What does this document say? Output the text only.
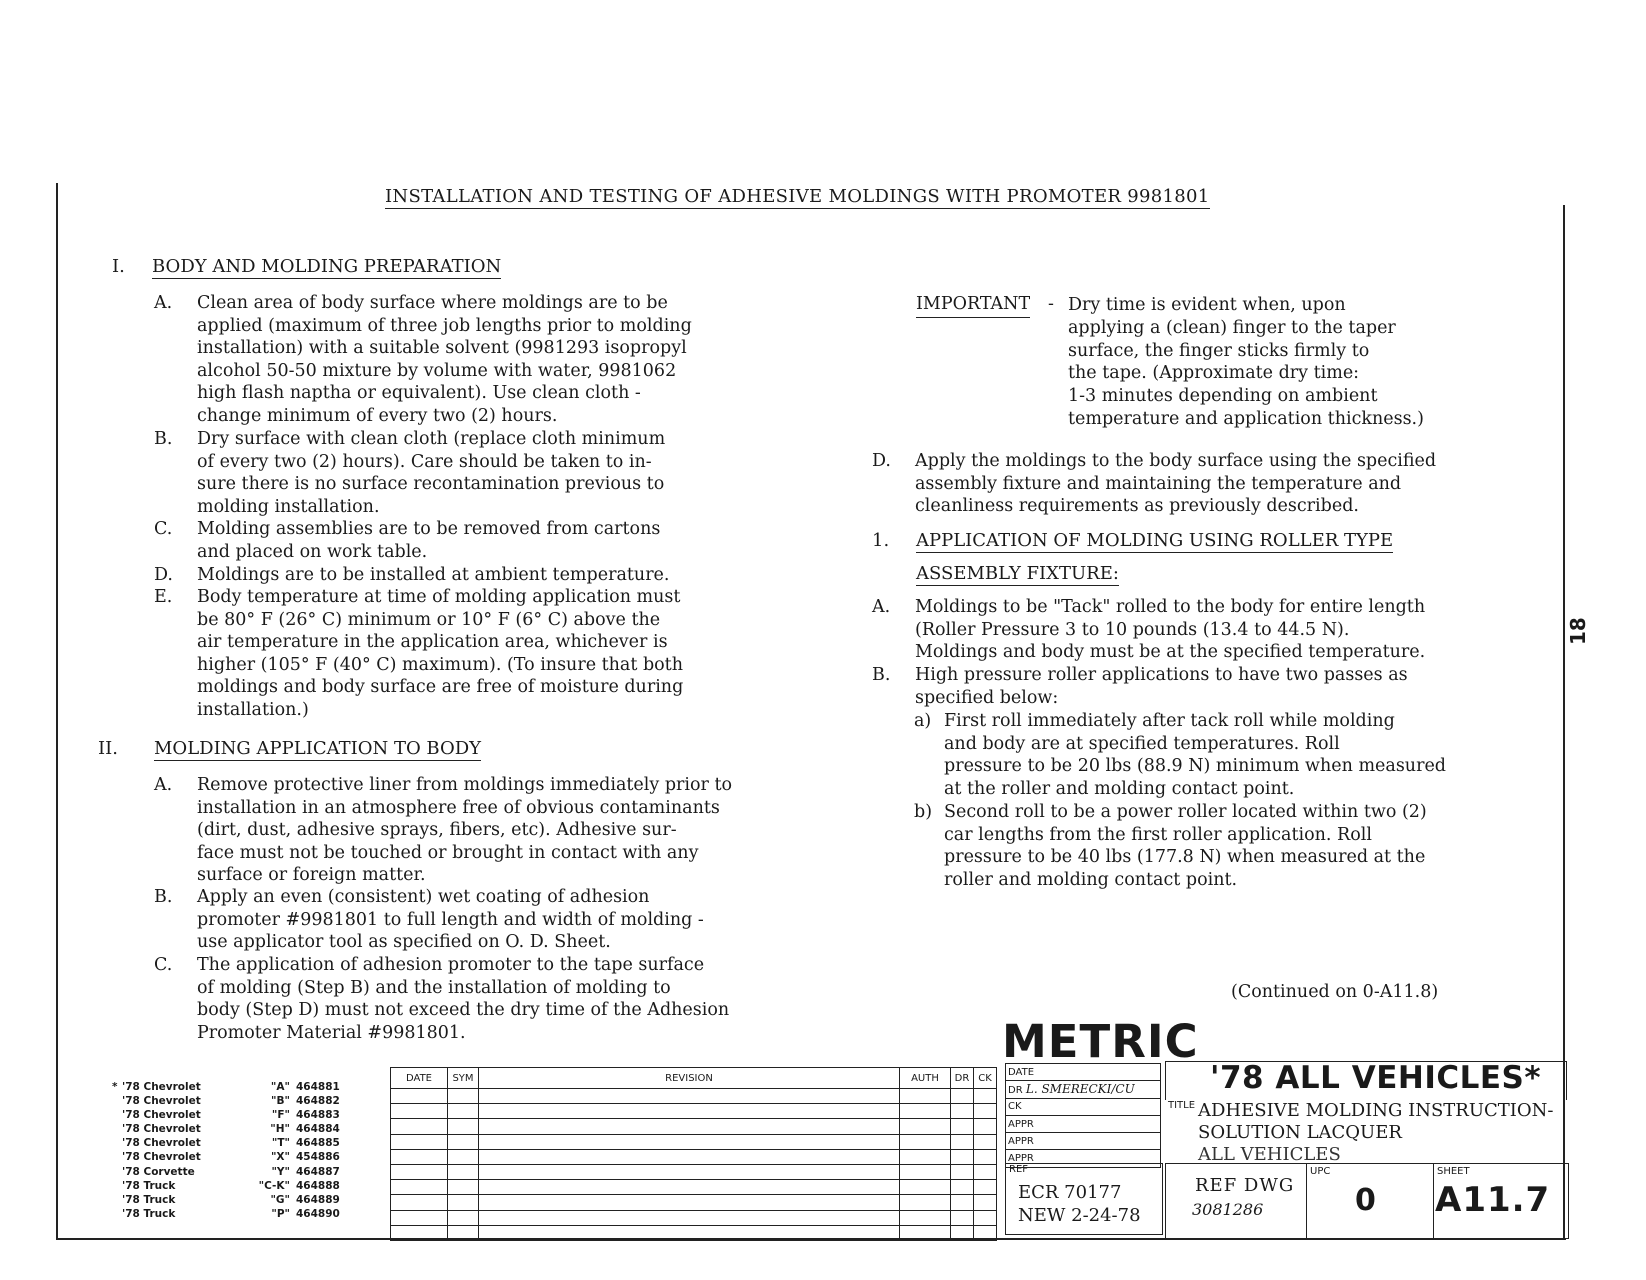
INSTALLATION AND TESTING OF ADHESIVE MOLDINGS WITH PROMOTER 9981801
I. BODY AND MOLDING PREPARATION
A. Clean area of body surface where moldings are to be
applied (maximum of three job lengths prior to molding
installation) with a suitable solvent (9981293 isopropyl
alcohol 50-50 mixture by volume with water, 9981062
high flash naptha or equivalent). Use clean cloth -
change minimum of every two (2) hours.
B. Dry surface with clean cloth (replace cloth minimum
of every two (2) hours). Care should be taken to in-
sure there is no surface recontamination previous to
molding installation.
C. Molding assemblies are to be removed from cartons
and placed on work table.
D. Moldings are to be installed at ambient temperature.
E. Body temperature at time of molding application must
be 80° F (26° C) minimum or 10° F (6° C) above the
air temperature in the application area, whichever is
higher (105° F (40° C) maximum). (To insure that both
moldings and body surface are free of moisture during
installation.)
II. MOLDING APPLICATION TO BODY
A. Remove protective liner from moldings immediately prior to
installation in an atmosphere free of obvious contaminants
(dirt, dust, adhesive sprays, fibers, etc). Adhesive sur-
face must not be touched or brought in contact with any
surface or foreign matter.
B. Apply an even (consistent) wet coating of adhesion
promoter #9981801 to full length and width of molding -
use applicator tool as specified on O. D. Sheet.
C. The application of adhesion promoter to the tape surface
of molding (Step B) and the installation of molding to
body (Step D) must not exceed the dry time of the Adhesion
Promoter Material #9981801.
IMPORTANT - Dry time is evident when, upon
applying a (clean) finger to the taper
surface, the finger sticks firmly to
the tape. (Approximate dry time:
1-3 minutes depending on ambient
temperature and application thickness.)
D. Apply the moldings to the body surface using the specified
assembly fixture and maintaining the temperature and
cleanliness requirements as previously described.
1. APPLICATION OF MOLDING USING ROLLER TYPE
ASSEMBLY FIXTURE:
A. Moldings to be "Tack" rolled to the body for entire length
(Roller Pressure 3 to 10 pounds (13.4 to 44.5 N).
Moldings and body must be at the specified temperature.
B. High pressure roller applications to have two passes as
specified below:
a) First roll immediately after tack roll while molding
and body are at specified temperatures. Roll
pressure to be 20 lbs (88.9 N) minimum when measured
at the roller and molding contact point.
b) Second roll to be a power roller located within two (2)
car lengths from the first roller application. Roll
pressure to be 40 lbs (177.8 N) when measured at the
roller and molding contact point.
(Continued on 0-A11.8)
18
METRIC
* '78 Chevrolet	"A" 464881
'78 Chevrolet	"B" 464882
'78 Chevrolet	"F" 464883
'78 Chevrolet	"H" 464884
'78 Chevrolet	"T" 464885
'78 Chevrolet	"X" 454886
'78 Corvette	"Y" 464887
'78 Truck	"C-K" 464888
'78 Truck	"G" 464889
'78 Truck	"P" 464890
DATE	SYM	REVISION	AUTH	DR	CK

DATE
DR L. SMERECKI/CU
CK
APPR
APPR
APPR
REF
ECR 70177
NEW 2-24-78
'78 ALL VEHICLES*
TITLE ADHESIVE MOLDING INSTRUCTION-
SOLUTION LACQUER
ALL VEHICLES

UPC	SHEET
REF DWG
3081286	0 A11.7
